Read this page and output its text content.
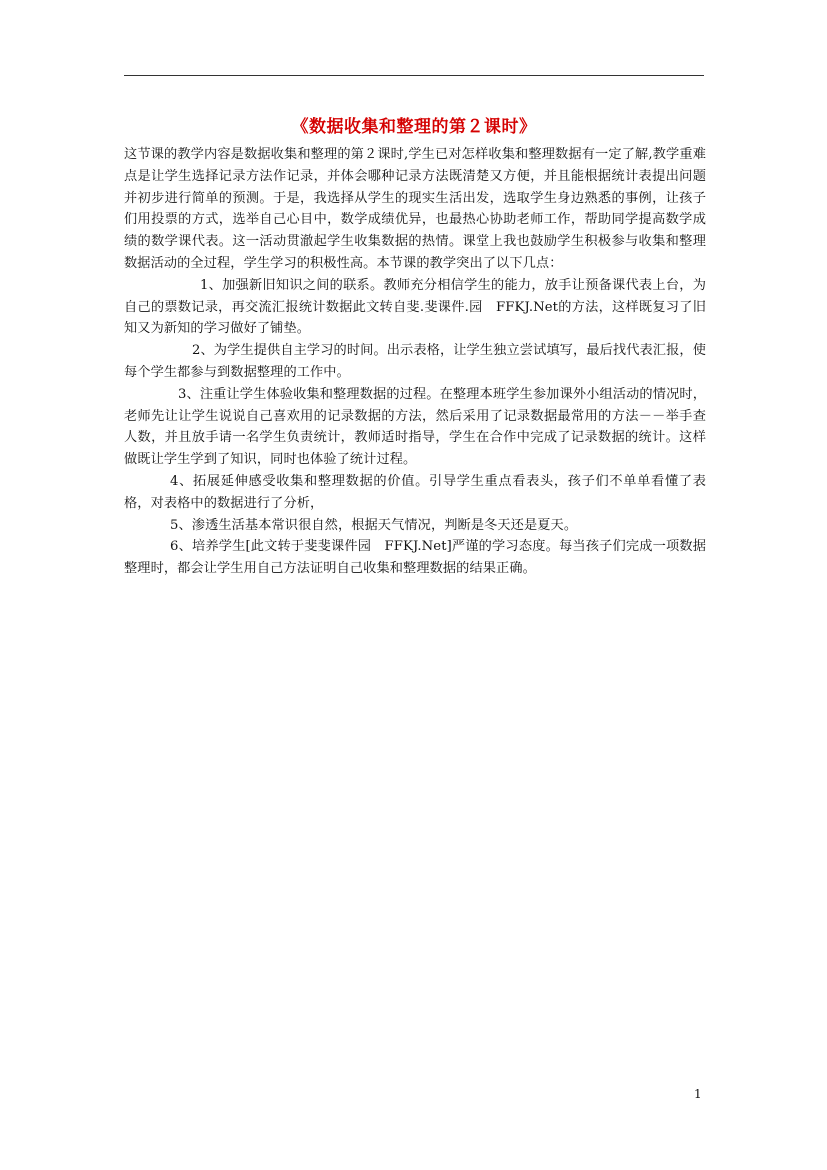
《数据收集和整理的第２课时》

这节课的教学内容是数据收集和整理的第２课时,学生已对怎样收集和整理数据有一定了解,教学重难点是让学生选择记录方法作记录，并体会哪种记录方法既清楚又方便，并且能根据统计表提出问题并初步进行简单的预测。于是，我选择从学生的现实生活出发，选取学生身边熟悉的事例，让孩子们用投票的方式，选举自己心目中，数学成绩优异，也最热心协助老师工作，帮助同学提高数学成绩的数学课代表。这一活动贯澈起学生收集数据的热情。课堂上我也鼓励学生积极参与收集和整理数据活动的全过程，学生学习的积极性高。本节课的教学突出了以下几点：

1、加强新旧知识之间的联系。教师充分相信学生的能力，放手让预备课代表上台，为自己的票数记录，再交流汇报统计数据此文转自斐.斐课件.园　FFKJ.Net的方法，这样既复习了旧知又为新知的学习做好了铺垫。

2、为学生提供自主学习的时间。出示表格，让学生独立尝试填写，最后找代表汇报，使每个学生都参与到数据整理的工作中。

3、注重让学生体验收集和整理数据的过程。在整理本班学生参加课外小组活动的情况时，老师先让让学生说说自己喜欢用的记录数据的方法，然后采用了记录数据最常用的方法－－举手查人数，并且放手请一名学生负责统计，教师适时指导，学生在合作中完成了记录数据的统计。这样做既让学生学到了知识，同时也体验了统计过程。

4、拓展延伸感受收集和整理数据的价值。引导学生重点看表头，孩子们不单单看懂了表格，对表格中的数据进行了分析，

5、渗透生活基本常识很自然，根据天气情况，判断是冬天还是夏天。

6、培养学生[此文转于斐斐课件园　FFKJ.Net]严谨的学习态度。每当孩子们完成一项数据整理时，都会让学生用自己方法证明自己收集和整理数据的结果正确。

1
